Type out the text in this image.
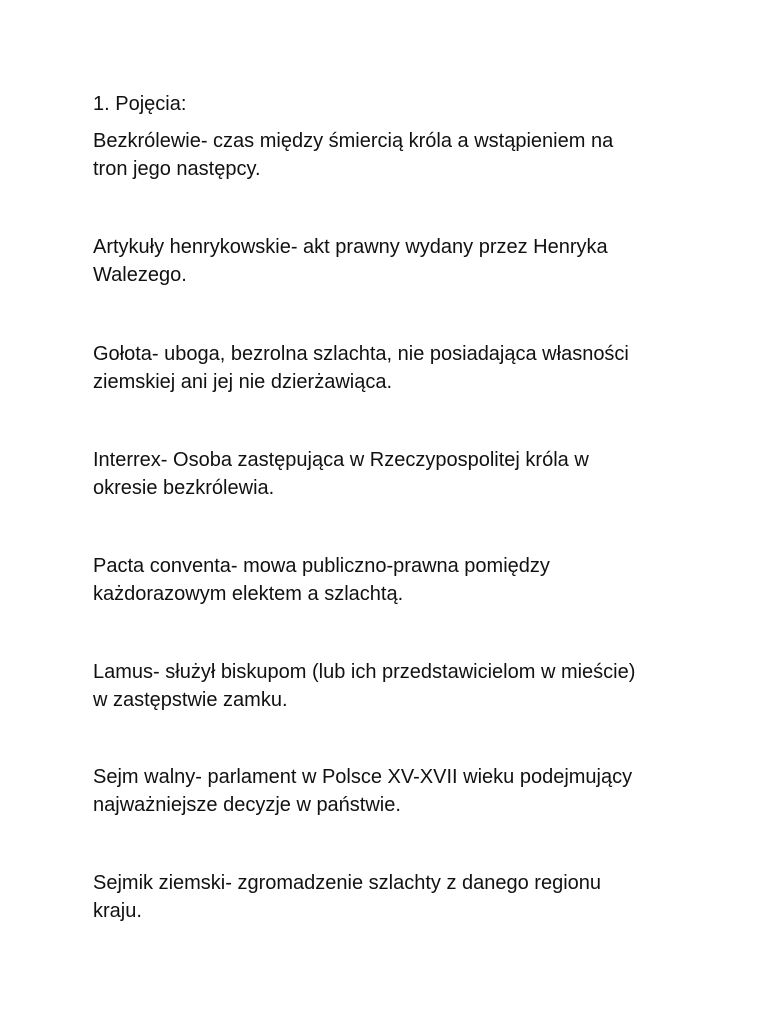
1. Pojęcia:

Bezkrólewie- czas między śmiercią króla a wstąpieniem na
tron jego następcy.

Artykuły henrykowskie- akt prawny wydany przez Henryka
Walezego.

Gołota- uboga, bezrolna szlachta, nie posiadająca własności
ziemskiej ani jej nie dzierżawiąca.

Interrex- Osoba zastępująca w Rzeczypospolitej króla w
okresie bezkrólewia.

Pacta conventa- mowa publiczno-prawna pomiędzy
każdorazowym elektem a szlachtą.

Lamus- służył biskupom (lub ich przedstawicielom w mieście)
w zastępstwie zamku.

Sejm walny- parlament w Polsce XV-XVII wieku podejmujący
najważniejsze decyzje w państwie.

Sejmik ziemski- zgromadzenie szlachty z danego regionu
kraju.
